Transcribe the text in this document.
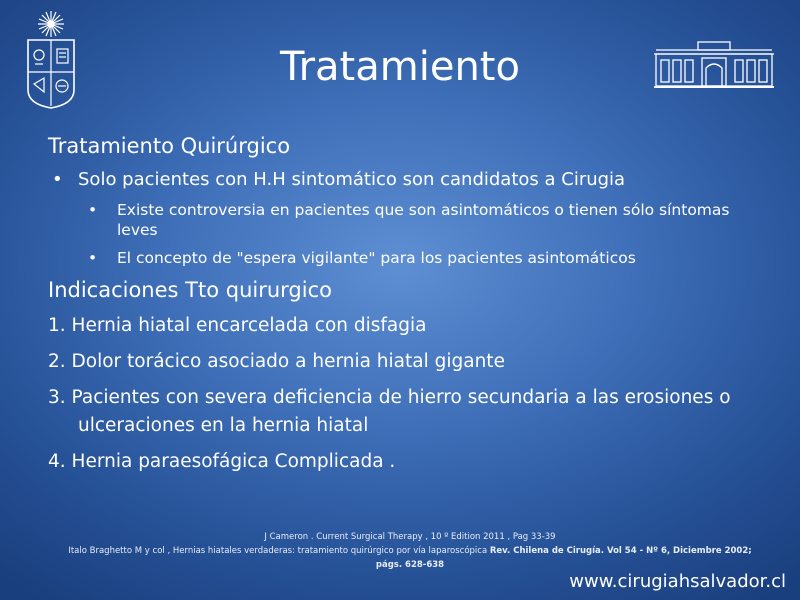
Tratamiento

Tratamiento Quirúrgico

• Solo pacientes con H.H sintomático son candidatos a Cirugia

• Existe controversia en pacientes que son asintomáticos o tienen sólo síntomas leves

• El concepto de "espera vigilante" para los pacientes asintomáticos

Indicaciones Tto quirurgico

1. Hernia hiatal encarcelada con disfagia

2. Dolor torácico asociado a hernia hiatal gigante

3. Pacientes con severa deficiencia de hierro secundaria a las erosiones o ulceraciones en la hernia hiatal

4. Hernia paraesofágica Complicada .

J Cameron . Current Surgical Therapy , 10 º Edition 2011 , Pag 33-39
Italo Braghetto M y col , Hernias hiatales verdaderas: tratamiento quirúrgico por vía laparoscópica Rev. Chilena de Cirugía. Vol 54 - Nº 6, Diciembre 2002; págs. 628-638
www.cirugiahsalvador.cl
